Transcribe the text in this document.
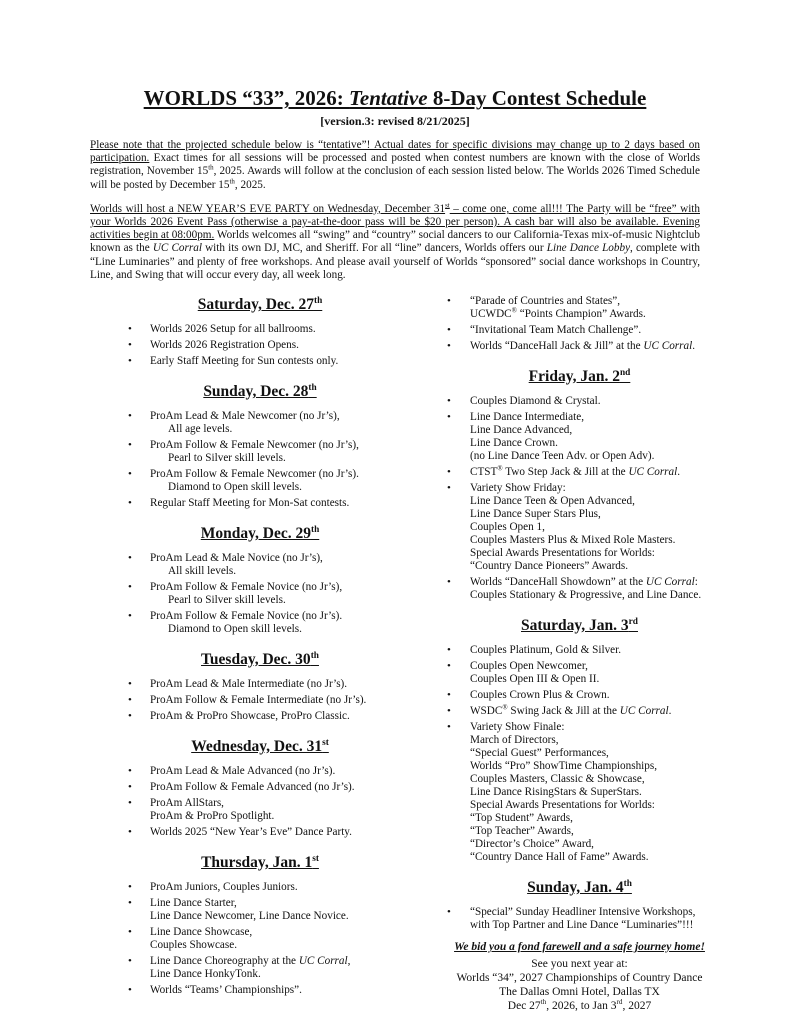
WORLDS “33”, 2026: Tentative 8-Day Contest Schedule
[version.3: revised 8/21/2025]

Please note that the projected schedule below is “tentative”! Actual dates for specific divisions may change up to 2 days based on participation. Exact times for all sessions will be processed and posted when contest numbers are known with the close of Worlds registration, November 15th, 2025. Awards will follow at the conclusion of each session listed below. The Worlds 2026 Timed Schedule will be posted by December 15th, 2025.

Worlds will host a NEW YEAR’S EVE PARTY on Wednesday, December 31st – come one, come all!!! The Party will be “free” with your Worlds 2026 Event Pass (otherwise a pay-at-the-door pass will be $20 per person). A cash bar will also be available. Evening activities begin at 08:00pm. Worlds welcomes all “swing” and “country” social dancers to our California-Texas mix-of-music Nightclub known as the UC Corral with its own DJ, MC, and Sheriff. For all “line” dancers, Worlds offers our Line Dance Lobby, complete with “Line Luminaries” and plenty of free workshops. And please avail yourself of Worlds “sponsored” social dance workshops in Country, Line, and Swing that will occur every day, all week long.

Saturday, Dec. 27th
•	Worlds 2026 Setup for all ballrooms.
•	Worlds 2026 Registration Opens.
•	Early Staff Meeting for Sun contests only.
Sunday, Dec. 28th
•	ProAm Lead & Male Newcomer (no Jr’s),
All age levels.
•	ProAm Follow & Female Newcomer (no Jr’s),
Pearl to Silver skill levels.
•	ProAm Follow & Female Newcomer (no Jr’s).
Diamond to Open skill levels.
•	Regular Staff Meeting for Mon-Sat contests.
Monday, Dec. 29th
•	ProAm Lead & Male Novice (no Jr’s),
All skill levels.
•	ProAm Follow & Female Novice (no Jr’s),
Pearl to Silver skill levels.
•	ProAm Follow & Female Novice (no Jr’s).
Diamond to Open skill levels.
Tuesday, Dec. 30th
•	ProAm Lead & Male Intermediate (no Jr’s).
•	ProAm Follow & Female Intermediate (no Jr’s).
•	ProAm & ProPro Showcase, ProPro Classic.
Wednesday, Dec. 31st
•	ProAm Lead & Male Advanced (no Jr’s).
•	ProAm Follow & Female Advanced (no Jr’s).
•	ProAm AllStars,
ProAm & ProPro Spotlight.
•	Worlds 2025 “New Year’s Eve” Dance Party.
Thursday, Jan. 1st
•	ProAm Juniors, Couples Juniors.
•	Line Dance Starter,
Line Dance Newcomer, Line Dance Novice.
•	Line Dance Showcase,
Couples Showcase.
•	Line Dance Choreography at the UC Corral,
Line Dance HonkyTonk.
•	Worlds “Teams’ Championships”.
•	“Parade of Countries and States”,
UCWDC® “Points Champion” Awards.
•	“Invitational Team Match Challenge”.
•	Worlds “DanceHall Jack & Jill” at the UC Corral.
Friday, Jan. 2nd
•	Couples Diamond & Crystal.
•	Line Dance Intermediate,
Line Dance Advanced,
Line Dance Crown.
(no Line Dance Teen Adv. or Open Adv).
•	CTST® Two Step Jack & Jill at the UC Corral.
•	Variety Show Friday:
Line Dance Teen & Open Advanced,
Line Dance Super Stars Plus,
Couples Open 1,
Couples Masters Plus & Mixed Role Masters.
Special Awards Presentations for Worlds:
“Country Dance Pioneers” Awards.
•	Worlds “DanceHall Showdown” at the UC Corral:
Couples Stationary & Progressive, and Line Dance.
Saturday, Jan. 3rd
•	Couples Platinum, Gold & Silver.
•	Couples Open Newcomer,
Couples Open III & Open II.
•	Couples Crown Plus & Crown.
•	WSDC® Swing Jack & Jill at the UC Corral.
•	Variety Show Finale:
March of Directors,
“Special Guest” Performances,
Worlds “Pro” ShowTime Championships,
Couples Masters, Classic & Showcase,
Line Dance RisingStars & SuperStars.
Special Awards Presentations for Worlds:
“Top Student” Awards,
“Top Teacher” Awards,
“Director’s Choice” Award,
“Country Dance Hall of Fame” Awards.
Sunday, Jan. 4th
•	“Special” Sunday Headliner Intensive Workshops,
with Top Partner and Line Dance “Luminaries”!!!
We bid you a fond farewell and a safe journey home!
See you next year at:
Worlds “34”, 2027 Championships of Country Dance
The Dallas Omni Hotel, Dallas TX
Dec 27th, 2026, to Jan 3rd, 2027
